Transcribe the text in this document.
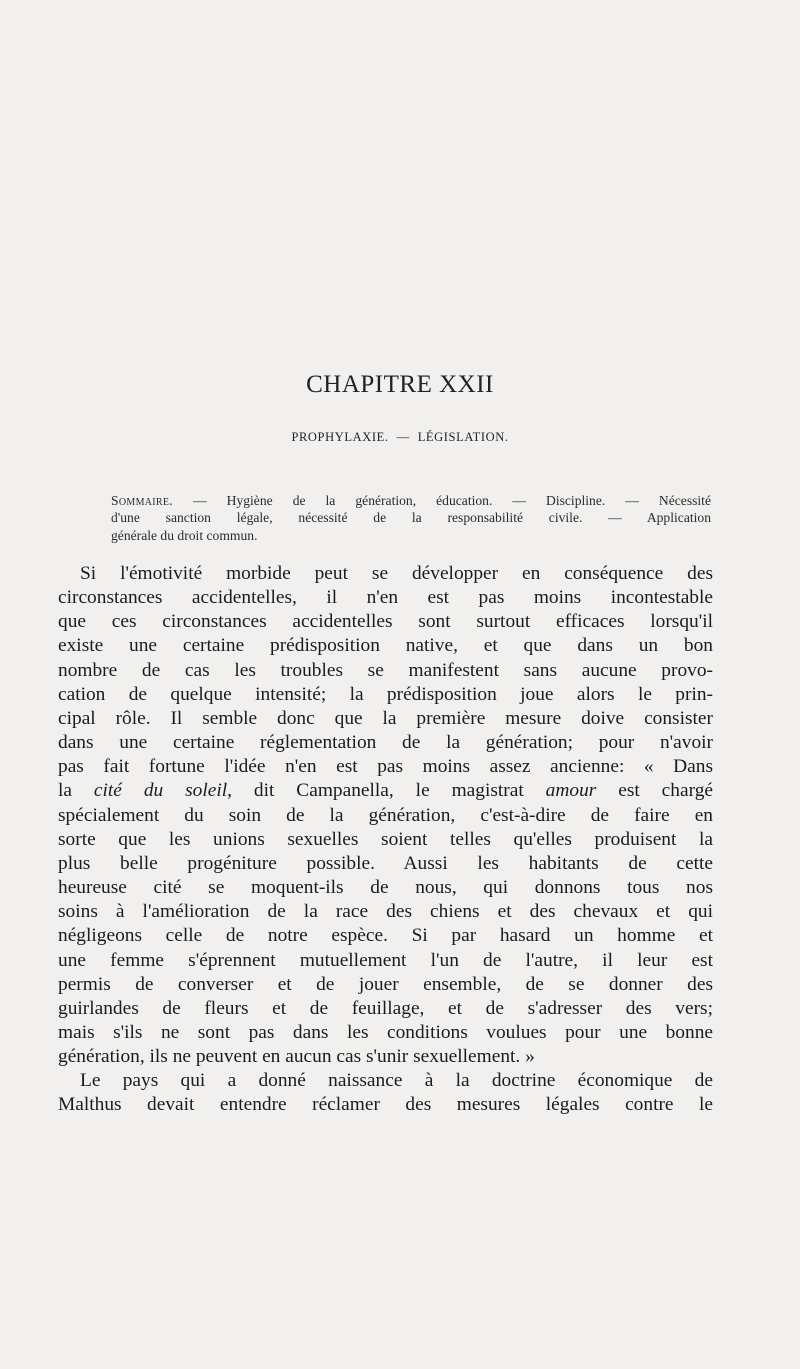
CHAPITRE XXII
PROPHYLAXIE. — LÉGISLATION.
Sommaire. — Hygiène de la génération, éducation. — Discipline. — Nécessité
d'une sanction légale, nécessité de la responsabilité civile. — Application
générale du droit commun.
Si l'émotivité morbide peut se développer en conséquence des
circonstances accidentelles, il n'en est pas moins incontestable
que ces circonstances accidentelles sont surtout efficaces lorsqu'il
existe une certaine prédisposition native, et que dans un bon
nombre de cas les troubles se manifestent sans aucune provo-
cation de quelque intensité; la prédisposition joue alors le prin-
cipal rôle. Il semble donc que la première mesure doive consister
dans une certaine réglementation de la génération; pour n'avoir
pas fait fortune l'idée n'en est pas moins assez ancienne: « Dans
la cité du soleil, dit Campanella, le magistrat amour est chargé
spécialement du soin de la génération, c'est-à-dire de faire en
sorte que les unions sexuelles soient telles qu'elles produisent la
plus belle progéniture possible. Aussi les habitants de cette
heureuse cité se moquent-ils de nous, qui donnons tous nos
soins à l'amélioration de la race des chiens et des chevaux et qui
négligeons celle de notre espèce. Si par hasard un homme et
une femme s'éprennent mutuellement l'un de l'autre, il leur est
permis de converser et de jouer ensemble, de se donner des
guirlandes de fleurs et de feuillage, et de s'adresser des vers;
mais s'ils ne sont pas dans les conditions voulues pour une bonne
génération, ils ne peuvent en aucun cas s'unir sexuellement. »
Le pays qui a donné naissance à la doctrine économique de
Malthus devait entendre réclamer des mesures légales contre le
